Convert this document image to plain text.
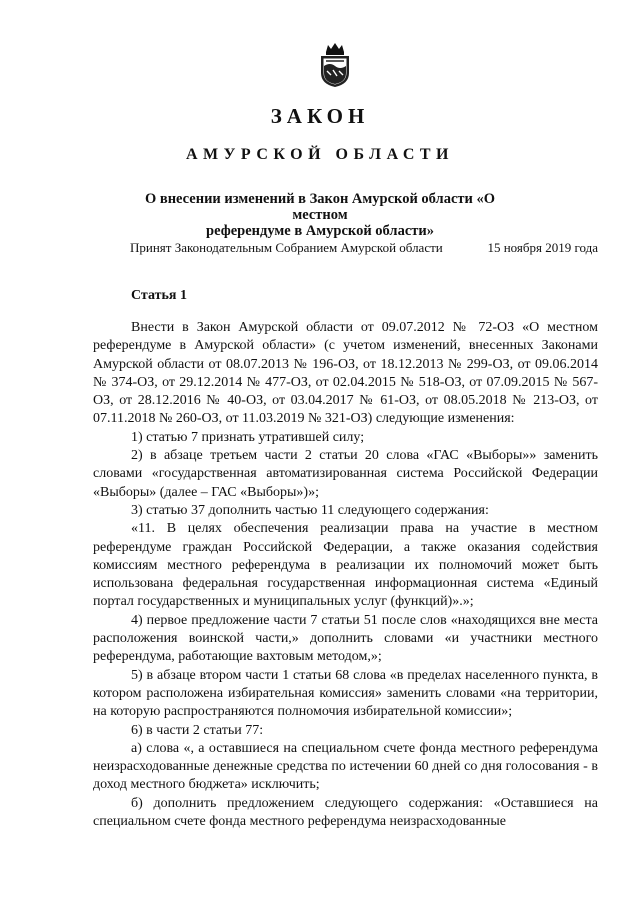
ЗАКОН
АМУРСКОЙ ОБЛАСТИ
О внесении изменений в Закон Амурской области «О местном
референдуме в Амурской области»
Принят Законодательным Собранием Амурской области	15 ноября 2019 года
Статья 1

Внести в Закон Амурской области от 09.07.2012 № 72-ОЗ «О местном референдуме в Амурской области» (с учетом изменений, внесенных Законами Амурской области от 08.07.2013 № 196-ОЗ, от 18.12.2013 № 299-ОЗ, от 09.06.2014 № 374-ОЗ, от 29.12.2014 № 477-ОЗ, от 02.04.2015 № 518-ОЗ, от 07.09.2015 № 567-ОЗ, от 28.12.2016 № 40-ОЗ, от 03.04.2017 № 61-ОЗ, от 08.05.2018 № 213-ОЗ, от 07.11.2018 № 260-ОЗ, от 11.03.2019 № 321-ОЗ) следующие изменения:

1) статью 7 признать утратившей силу;

2) в абзаце третьем части 2 статьи 20 слова «ГАС «Выборы»» заменить словами «государственная автоматизированная система Российской Федерации «Выборы» (далее – ГАС «Выборы»)»;

3) статью 37 дополнить частью 11 следующего содержания:

«11. В целях обеспечения реализации права на участие в местном референдуме граждан Российской Федерации, а также оказания содействия комиссиям местного референдума в реализации их полномочий может быть использована федеральная государственная информационная система «Единый портал государственных и муниципальных услуг (функций)».»;

4) первое предложение части 7 статьи 51 после слов «находящихся вне места расположения воинской части,» дополнить словами «и участники местного референдума, работающие вахтовым методом,»;

5) в абзаце втором части 1 статьи 68 слова «в пределах населенного пункта, в котором расположена избирательная комиссия» заменить словами «на территории, на которую распространяются полномочия избирательной комиссии»;

6) в части 2 статьи 77:

а) слова «, а оставшиеся на специальном счете фонда местного референдума неизрасходованные денежные средства по истечении 60 дней со дня голосования - в доход местного бюджета» исключить;

б) дополнить предложением следующего содержания: «Оставшиеся на специальном счете фонда местного референдума неизрасходованные
